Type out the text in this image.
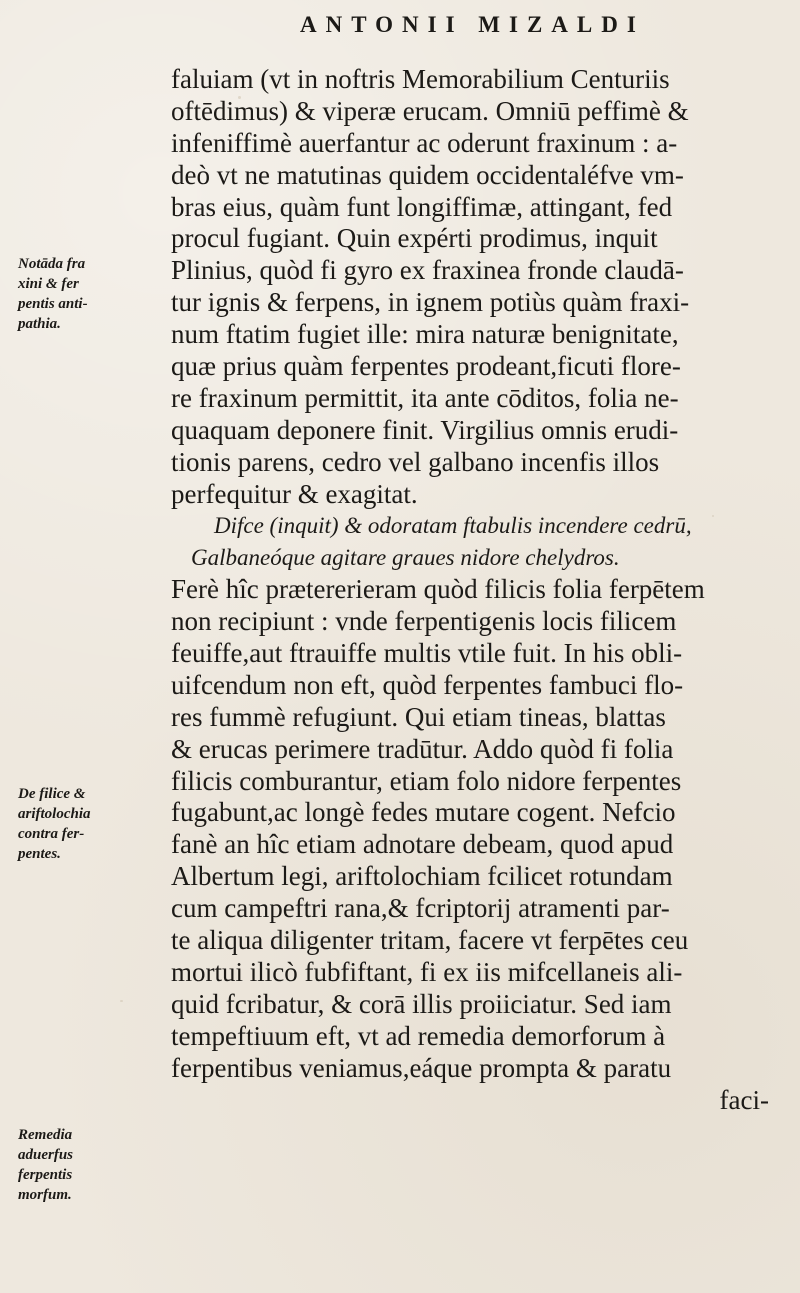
ANTONII MIZALDI
Notāda fra
xini & fer
pentis anti-
pathia.
De filice &
ariftolochia
contra fer-
pentes.
Remedia
aduerfus
ferpentis
morfum.
faluiam (vt in noftris Memorabilium Centuriis
oftēdimus) & viperæ erucam. Omniū peffimè &
infeniffimè auerfantur ac oderunt fraxinum : a-
deò vt ne matutinas quidem occidentaléfve vm-
bras eius, quàm funt longiffimæ, attingant, fed
procul fugiant. Quin expérti prodimus, inquit
Plinius, quòd fi gyro ex fraxinea fronde claudā-
tur ignis & ferpens, in ignem potiùs quàm fraxi-
num ftatim fugiet ille: mira naturæ benignitate,
quæ prius quàm ferpentes prodeant,ficuti flore-
re fraxinum permittit, ita ante cōditos, folia ne-
quaquam deponere finit. Virgilius omnis erudi-
tionis parens, cedro vel galbano incenfis illos
perfequitur & exagitat.
Difce (inquit) & odoratam ftabulis incendere cedrū,
Galbaneóque agitare graues nidore chelydros.
Ferè hîc prætererieram quòd filicis folia ferpētem
non recipiunt : vnde ferpentigenis locis filicem
feuiffe,aut ftrauiffe multis vtile fuit. In his obli-
uifcendum non eft, quòd ferpentes fambuci flo-
res fummè refugiunt. Qui etiam tineas, blattas
& erucas perimere tradūtur. Addo quòd fi folia
filicis comburantur, etiam folo nidore ferpentes
fugabunt,ac longè fedes mutare cogent. Nefcio
fanè an hîc etiam adnotare debeam, quod apud
Albertum legi, ariftolochiam fcilicet rotundam
cum campeftri rana,& fcriptorij atramenti par-
te aliqua diligenter tritam, facere vt ferpētes ceu
mortui ilicò fubfiftant, fi ex iis mifcellaneis ali-
quid fcribatur, & corā illis proiiciatur. Sed iam
tempeftiuum eft, vt ad remedia demorforum à
ferpentibus veniamus,eáque prompta & paratu
faci-
